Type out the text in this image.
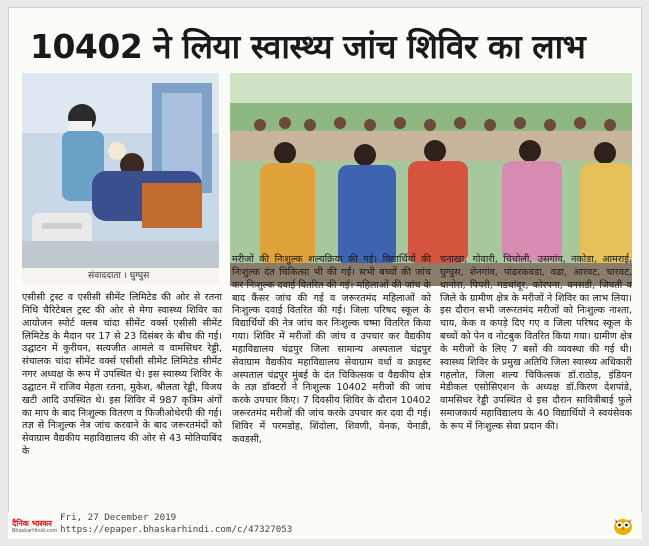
10402 ने लिया स्वास्थ्य जांच शिविर का लाभ
संवाददाता । घुग्घुस

एसीसी ट्रस्ट व एसीसी सीमेंट लिमिटेड की ओर से रतना निधि चैरिटेबल ट्रस्ट की ओर से मेगा स्वास्थ्य शिविर का आयोजन स्पोर्ट क्लब चांदा सीमेंट वर्क्स एसीसी सीमेंट लिमिटेड के मैदान पर 17 से 23 दिसंबर के बीच की गई। उद्घाटन में कुरीयन, सत्यजीत आमले व वामसिधर रेड्डी, संचालक चांदा सीमेंट वर्क्स एसीसी सीमेंट लिमिटेड सीमेंट नगर अध्यक्ष के रूप में उपस्थित थे। इस स्वास्थ्य शिविर के उद्घाटन में राजिव मेहता रतना, मुकेश, श्रीलता रेड्डी, विजय खटी आदि उपस्थित थे। इस शिविर में 987 कृत्रिम अंगों का माप के बाद निःशुल्क वितरण व फिजीओथेरपी की गई। तज्ञ से निःशुल्क नेत्र जांच करवाने के बाद जरूरतमंदों को सेवाग्राम वैद्यकीय महाविद्यालय की ओर से 43 मोतियाबिंद के

मरीजों की निःशुल्क शल्यक्रिया की गई। विद्यार्थियों की निःशुल्क दंत चिकित्सा भी की गई। सभी बच्चों की जांच कर निःशुल्क दवाई वितरित की गई। महिलाओं की जांच के बाद कैंसर जांच की गई व जरूरतमंद महिलाओं को निःशुल्क दवाई वितरित की गई। जिला परिषद स्कूल के विद्यार्थियों की नेत्र जांच कर निःशुल्क चष्मा वितरित किया गया। शिविर में मरीजों की जांच व उपचार कर वैद्यकीय महाविद्यालय चंद्रपुर जिला सामान्य अस्पताल चंद्रपुर सेवाग्राम वैद्यकीय महाविद्यालय सेवाग्राम वर्धा व क्राइस्ट अस्पताल चंद्रपुर मुंबई के दंत चिकित्सक व वैद्यकीय क्षेत्र के तज्ञ डॉक्टरों ने निःशुल्क 10402 मरीजों की जांच करके उपचार किए। 7 दिवसीय शिविर के दौरान 10402 जरूरतमंद मरीजों की जांच करके उपचार कर दवा दी गई। शिविर में परमडोह, शिंदोला, शिवणी, येनक, येनाडी, कवडसी,

चनाखा, गोवारी, चिचोली, उसगांव, नकोडा, आमराई, घुग्घुस, शेनगांव, पांढरकवडा, वढा, आरवट, चारवट, धानोरा, पिपरी, गडचांदूर, कोरपना, वनसडी, जिवती व जिले के ग्रामीण क्षेत्र के मरीजों ने शिविर का लाभ लिया। इस दौरान सभी जरूरतमंद मरीजों को निःशुल्क नाश्ता, चाय, केक व कपड़े दिए गए व जिला परिषद स्कूल के बच्चों को पेन व नोटबुक वितरित किया गया। ग्रामीण क्षेत्र के मरीजों के लिए 7 बसों की व्यवस्था की गई थी। स्वास्थ्य शिविर के प्रमुख अतिथि जिला स्वास्थ्य अधिकारी गहलोत, जिला शल्य चिकित्सक डॉ.राठोड़, इंडियन मेडीकल एसोसिएशन के अध्यक्ष डॉ.किरण देशपांडे, वामसिधर रेड्डी उपस्थित थे इस दौरान सावित्रीबाई फुले समाजकार्य महाविद्यालय के 40 विद्यार्थियों ने स्वयंसेवक के रूप में निःशुल्क सेवा प्रदान की।

दैनिक भास्कर
BhaskarHindi.com
Fri, 27 December 2019
https://epaper.bhaskarhindi.com/c/47327053
